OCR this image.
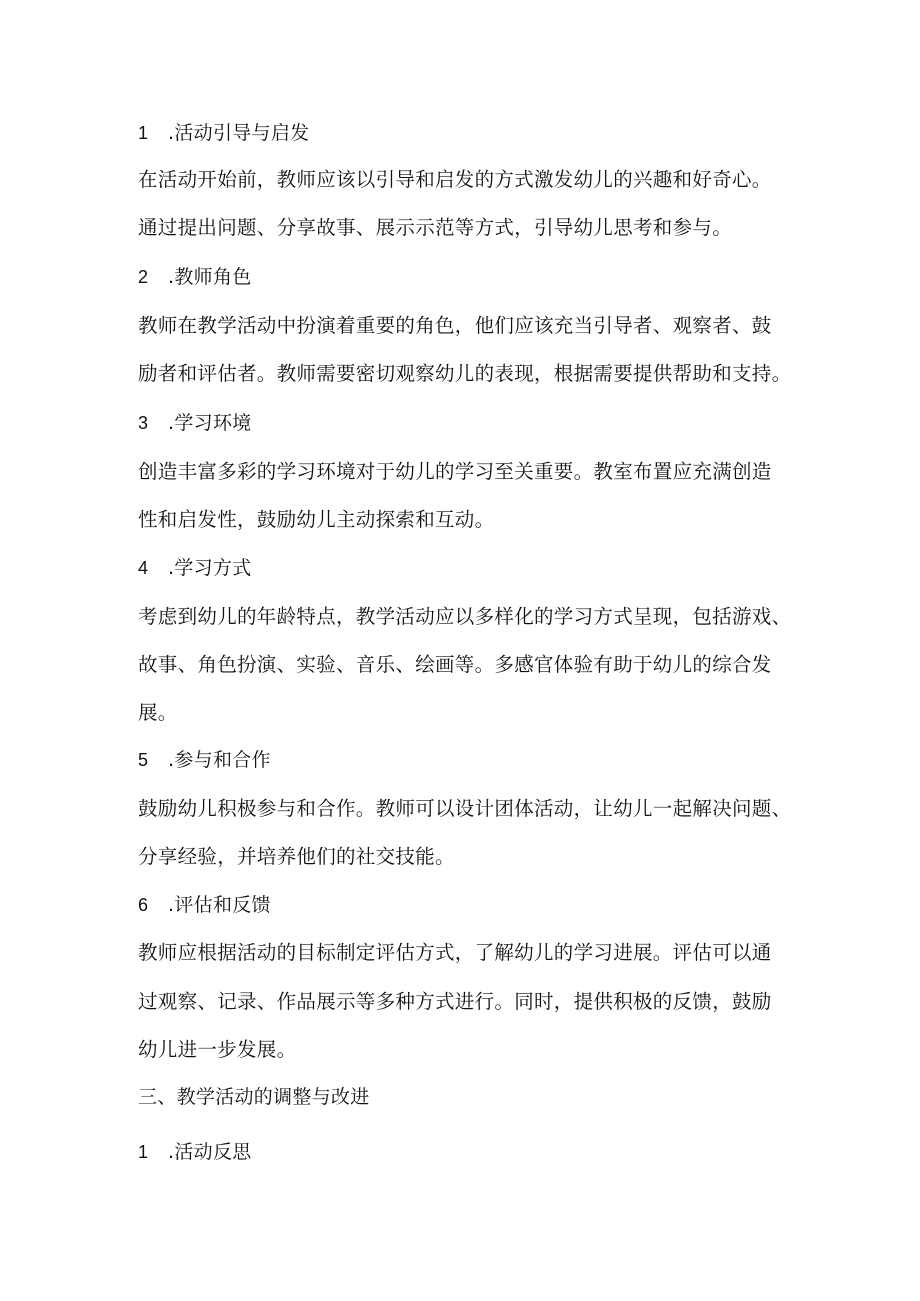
1 .活动引导与启发
在活动开始前，教师应该以引导和启发的方式激发幼儿的兴趣和好奇心。
通过提出问题、分享故事、展示示范等方式，引导幼儿思考和参与。
2 .教师角色
教师在教学活动中扮演着重要的角色，他们应该充当引导者、观察者、鼓
励者和评估者。教师需要密切观察幼儿的表现，根据需要提供帮助和支持。
3 .学习环境
创造丰富多彩的学习环境对于幼儿的学习至关重要。教室布置应充满创造
性和启发性，鼓励幼儿主动探索和互动。
4 .学习方式
考虑到幼儿的年龄特点，教学活动应以多样化的学习方式呈现，包括游戏、
故事、角色扮演、实验、音乐、绘画等。多感官体验有助于幼儿的综合发
展。
5 .参与和合作
鼓励幼儿积极参与和合作。教师可以设计团体活动，让幼儿一起解决问题、
分享经验，并培养他们的社交技能。
6 .评估和反馈
教师应根据活动的目标制定评估方式，了解幼儿的学习进展。评估可以通
过观察、记录、作品展示等多种方式进行。同时，提供积极的反馈，鼓励
幼儿进一步发展。
三、教学活动的调整与改进
1 .活动反思
